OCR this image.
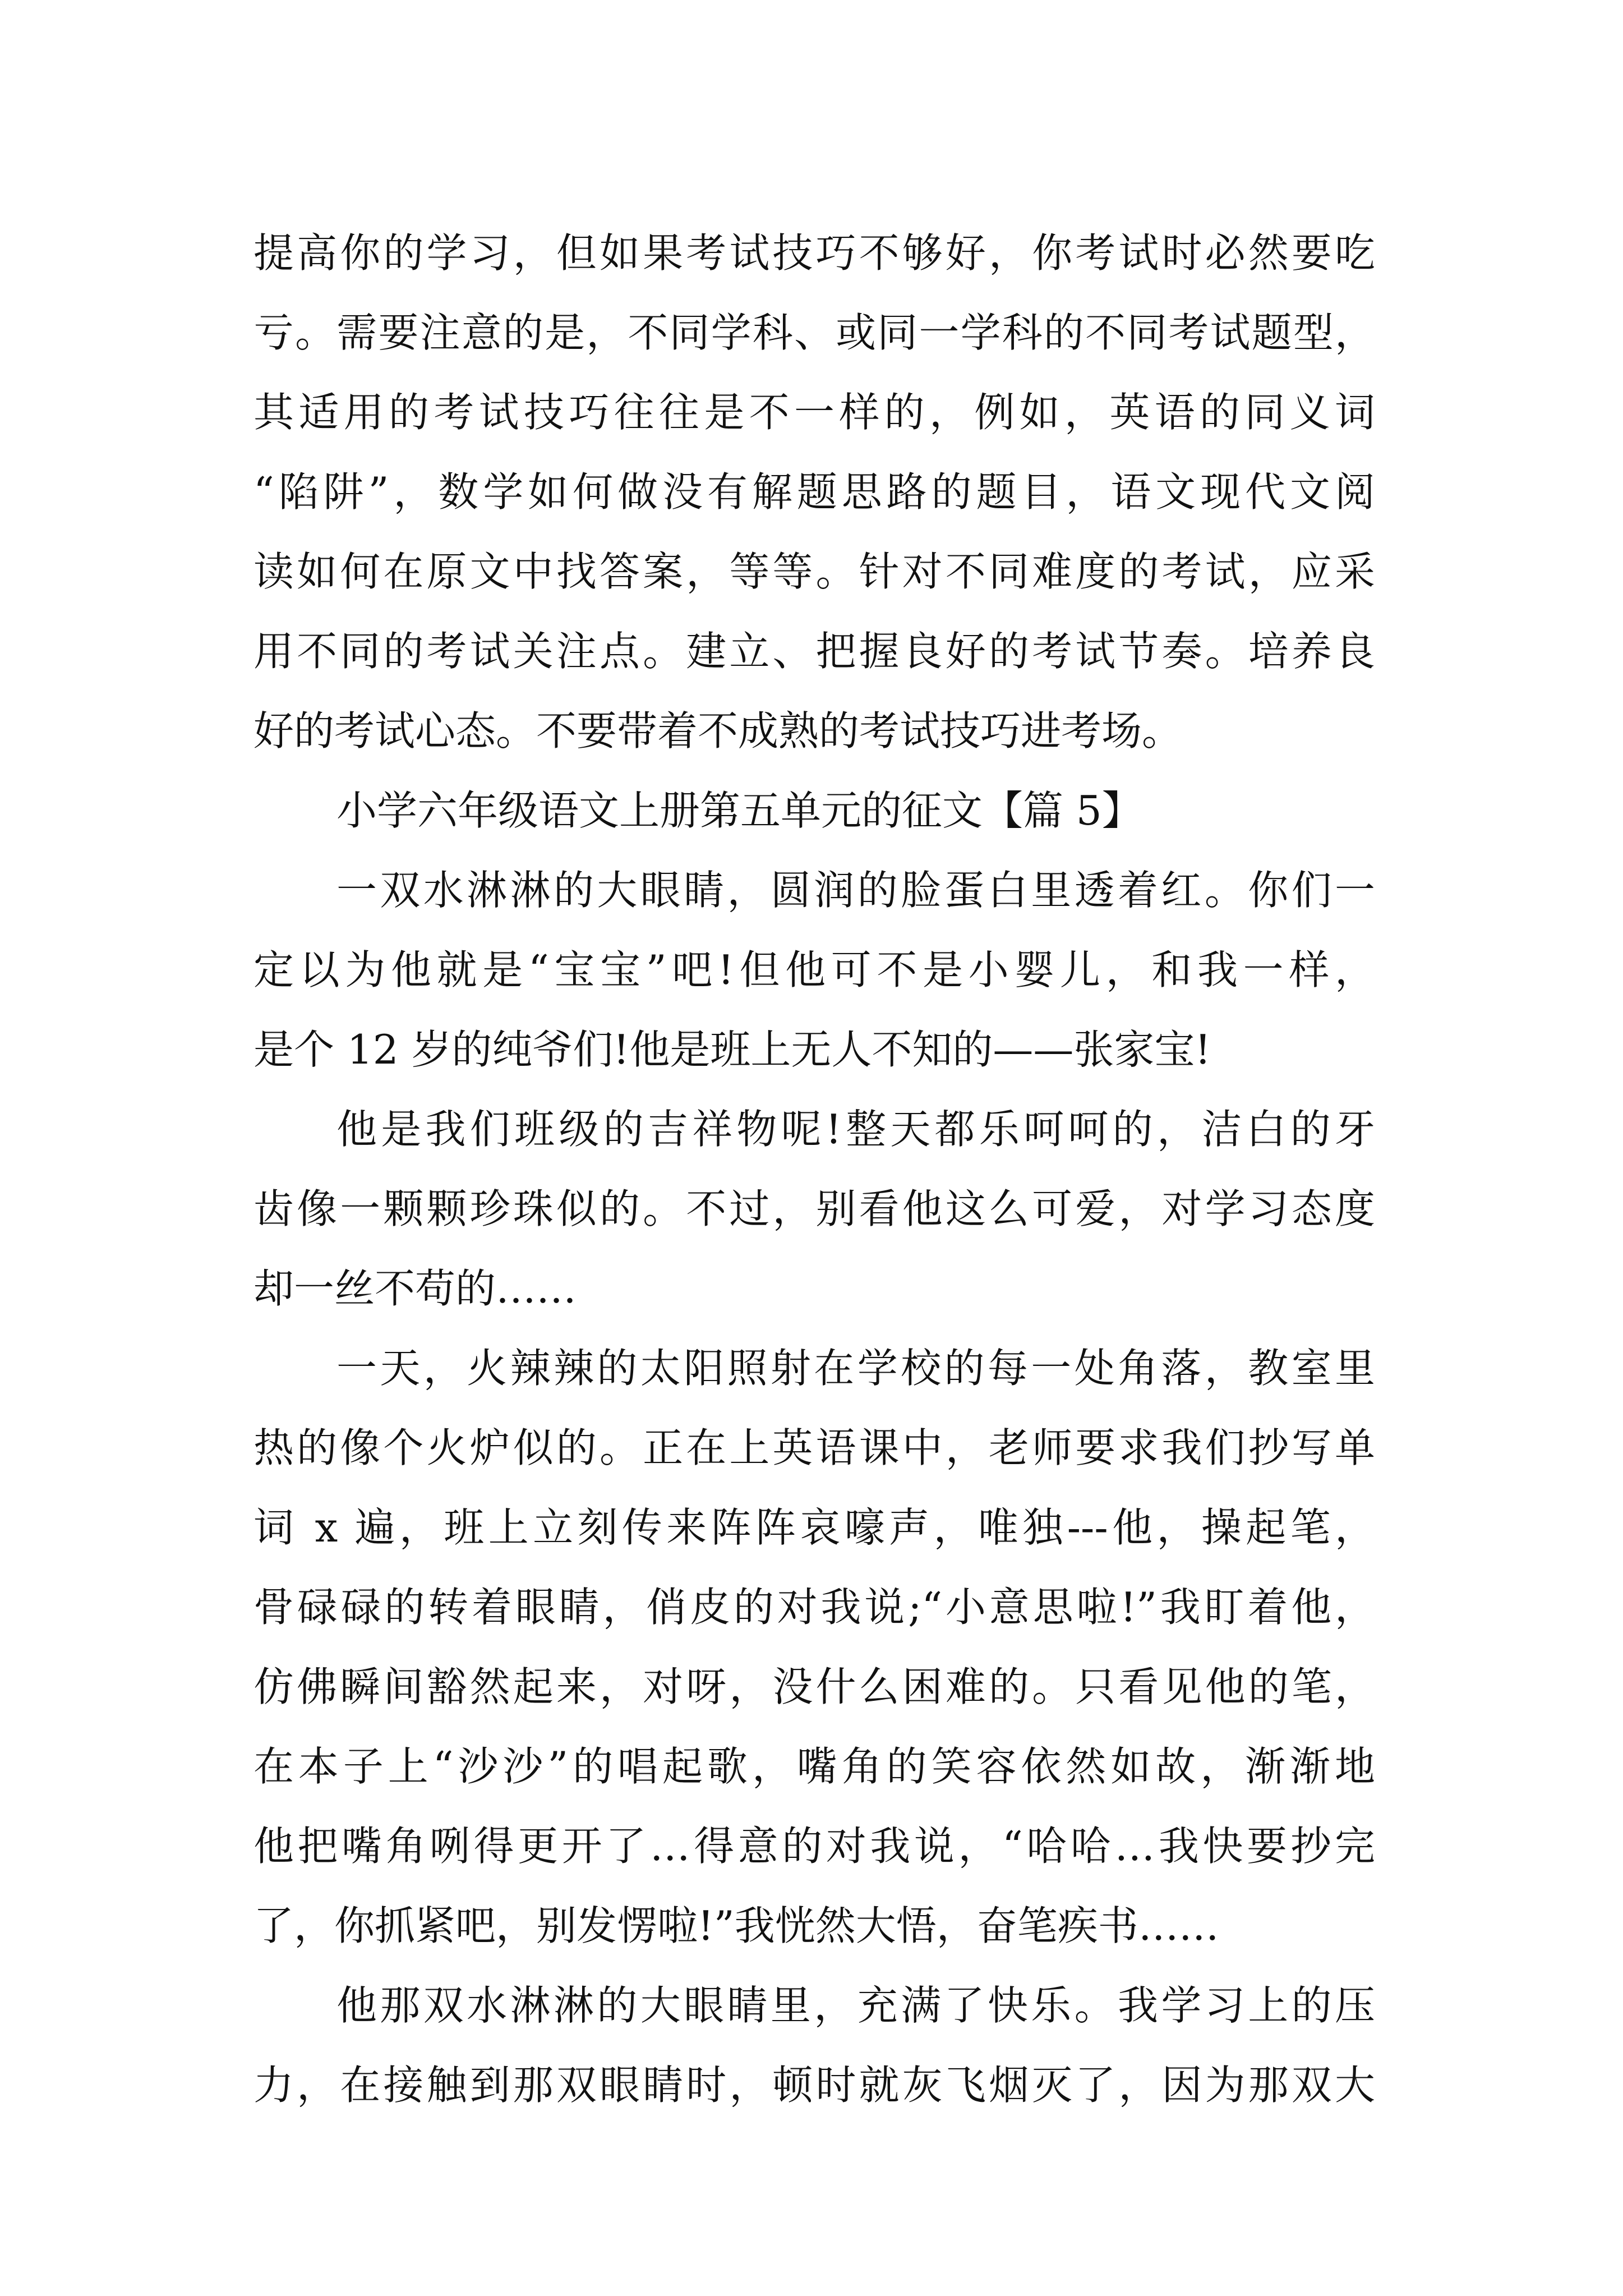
提高你的学习，但如果考试技巧不够好，你考试时必然要吃
亏。需要注意的是，不同学科、或同一学科的不同考试题型，
其适用的考试技巧往往是不一样的，例如，英语的同义词
“陷阱”，数学如何做没有解题思路的题目，语文现代文阅
读如何在原文中找答案，等等。针对不同难度的考试，应采
用不同的考试关注点。建立、把握良好的考试节奏。培养良
好的考试心态。不要带着不成熟的考试技巧进考场。
小学六年级语文上册第五单元的征文【篇 5】
一双水淋淋的大眼睛，圆润的脸蛋白里透着红。你们一
定以为他就是“宝宝”吧!但他可不是小婴儿，和我一样，
是个 12 岁的纯爷们!他是班上无人不知的——张家宝!
他是我们班级的吉祥物呢!整天都乐呵呵的，洁白的牙
齿像一颗颗珍珠似的。不过，别看他这么可爱，对学习态度
却一丝不苟的……
一天，火辣辣的太阳照射在学校的每一处角落，教室里
热的像个火炉似的。正在上英语课中，老师要求我们抄写单
词 x 遍，班上立刻传来阵阵哀嚎声，唯独---他，操起笔，
骨碌碌的转着眼睛，俏皮的对我说;“小意思啦!”我盯着他，
仿佛瞬间豁然起来，对呀，没什么困难的。只看见他的笔，
在本子上“沙沙”的唱起歌，嘴角的笑容依然如故，渐渐地
他把嘴角咧得更开了…得意的对我说，“哈哈…我快要抄完
了，你抓紧吧，别发愣啦!”我恍然大悟，奋笔疾书……
他那双水淋淋的大眼睛里，充满了快乐。我学习上的压
力，在接触到那双眼睛时，顿时就灰飞烟灭了，因为那双大
